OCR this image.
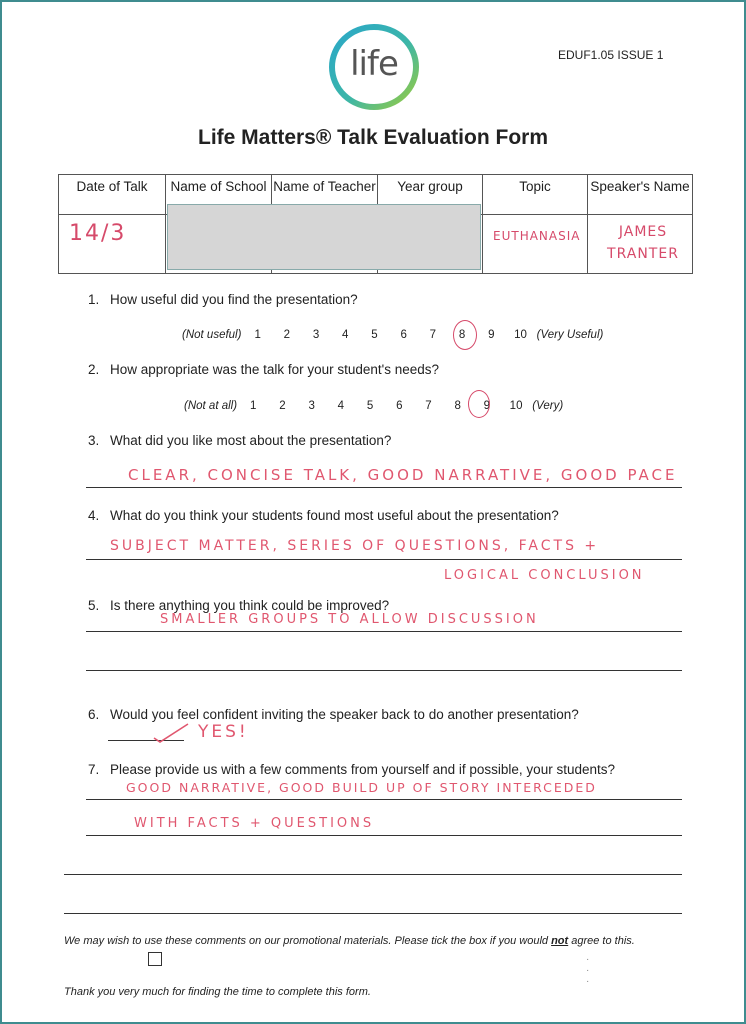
life	EDUF1.05 ISSUE 1
Life Matters® Talk Evaluation Form
Date of Talk	Name of School	Name of Teacher	Year group	Topic	Speaker's Name

14/3				EUTHANASIA	JAMES TRANTER
1. How useful did you find the presentation?
(Not useful) 1 2 3 4 5 6 7 8 9 10 (Very Useful)
2. How appropriate was the talk for your student's needs?
(Not at all) 1 2 3 4 5 6 7 8 9 10 (Very)
3. What did you like most about the presentation?
CLEAR, CONCISE TALK, GOOD NARRATIVE, GOOD PACE
4. What do you think your students found most useful about the presentation?
SUBJECT MATTER, SERIES OF QUESTIONS, FACTS +
LOGICAL CONCLUSION
5. Is there anything you think could be improved?
SMALLER GROUPS TO ALLOW DISCUSSION
6. Would you feel confident inviting the speaker back to do another presentation?
YES!
7. Please provide us with a few comments from yourself and if possible, your students?
GOOD NARRATIVE, GOOD BUILD UP OF STORY INTERCEDED
WITH FACTS + QUESTIONS
We may wish to use these comments on our promotional materials. Please tick the box if you would not agree to this.
Thank you very much for finding the time to complete this form.
·
·
·
